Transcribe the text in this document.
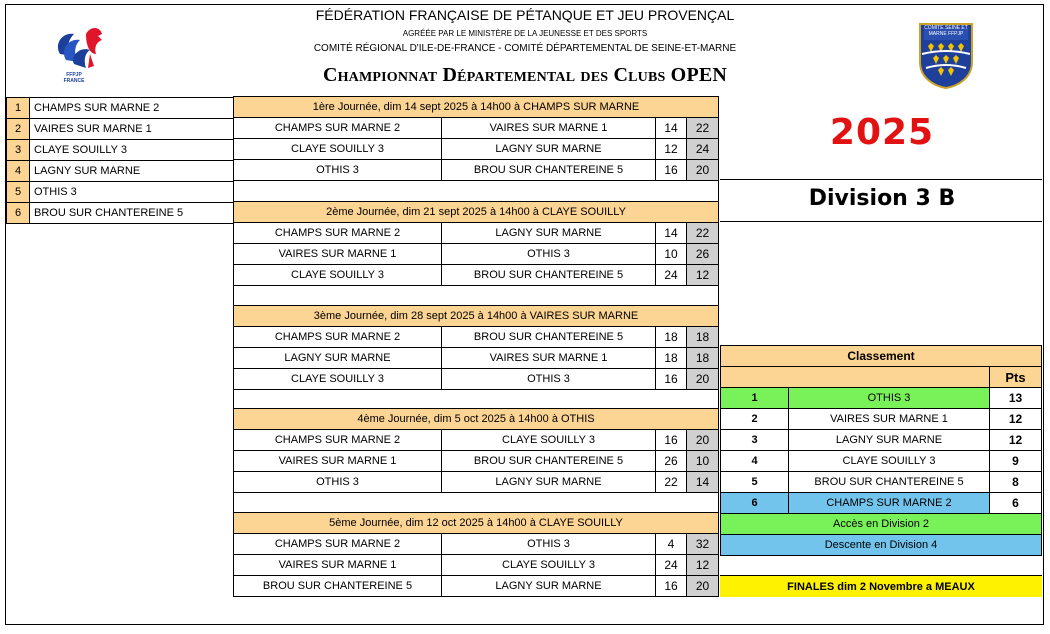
FFPJP FRANCE
COMITE SEINE ET MARNE FFPJP
FÉDÉRATION FRANÇAISE DE PÉTANQUE ET JEU PROVENÇAL
AGRÉÉE PAR LE MINISTÈRE DE LA JEUNESSE ET DES SPORTS
COMITÉ RÉGIONAL D'ILE-DE-FRANCE - COMITÉ DÉPARTEMENTAL DE SEINE-ET-MARNE
Championnat Départemental des Clubs OPEN
1	CHAMPS SUR MARNE 2
2	VAIRES SUR MARNE 1
3	CLAYE SOUILLY 3
4	LAGNY SUR MARNE
5	OTHIS 3
6	BROU SUR CHANTEREINE 5
1ère Journée, dim 14 sept 2025 à 14h00 à CHAMPS SUR MARNE
CHAMPS SUR MARNE 2	VAIRES SUR MARNE 1	14	22
CLAYE SOUILLY 3	LAGNY SUR MARNE	12	24
OTHIS 3	BROU SUR CHANTEREINE 5	16	20
2ème Journée, dim 21 sept 2025 à 14h00 à CLAYE SOUILLY
CHAMPS SUR MARNE 2	LAGNY SUR MARNE	14	22
VAIRES SUR MARNE 1	OTHIS 3	10	26
CLAYE SOUILLY 3	BROU SUR CHANTEREINE 5	24	12
3ème Journée, dim 28 sept 2025 à 14h00 à VAIRES SUR MARNE
CHAMPS SUR MARNE 2	BROU SUR CHANTEREINE 5	18	18
LAGNY SUR MARNE	VAIRES SUR MARNE 1	18	18
CLAYE SOUILLY 3	OTHIS 3	16	20
4ème Journée, dim 5 oct 2025 à 14h00 à OTHIS
CHAMPS SUR MARNE 2	CLAYE SOUILLY 3	16	20
VAIRES SUR MARNE 1	BROU SUR CHANTEREINE 5	26	10
OTHIS 3	LAGNY SUR MARNE	22	14
5ème Journée, dim 12 oct 2025 à 14h00 à CLAYE SOUILLY
CHAMPS SUR MARNE 2	OTHIS 3	4	32
VAIRES SUR MARNE 1	CLAYE SOUILLY 3	24	12
BROU SUR CHANTEREINE 5	LAGNY SUR MARNE	16	20
2025
Division 3 B
Classement
Pts
1	OTHIS 3	13
2	VAIRES SUR MARNE 1	12
3	LAGNY SUR MARNE	12
4	CLAYE SOUILLY 3	9
5	BROU SUR CHANTEREINE 5	8
6	CHAMPS SUR MARNE 2	6
Accès en Division 2
Descente en Division 4
FINALES dim 2 Novembre a MEAUX
